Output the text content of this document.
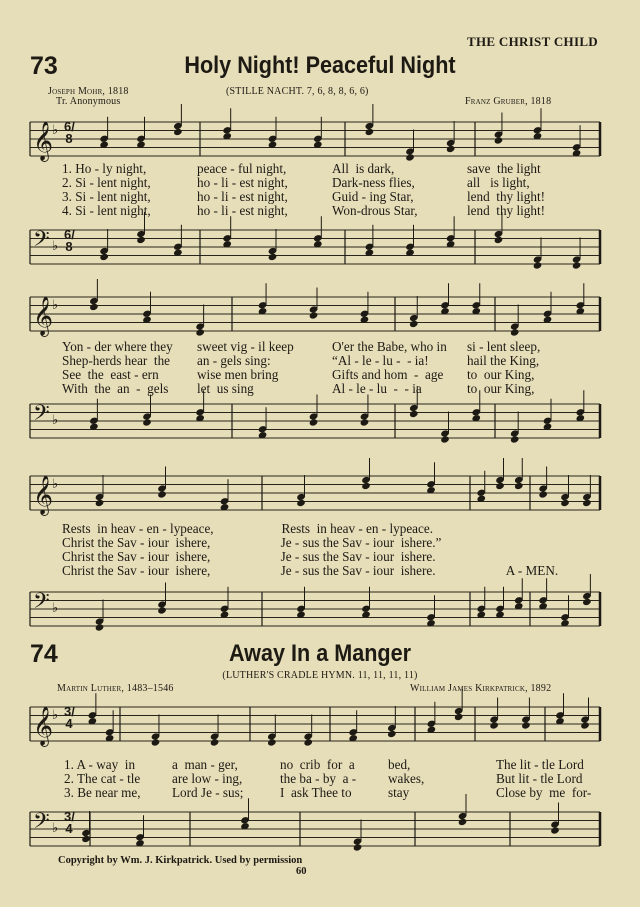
THE CHRIST CHILD
73	Holy Night! Peaceful Night
Joseph Mohr, 1818
Tr. Anonymous
(STILLE NACHT. 7, 6, 8, 8, 6, 6)
Franz Gruber, 1818
1. Ho - ly night,	peace - ful night,	All  is dark,	save  the light
2. Si - lent night,	ho - li - est night,	Dark-ness flies,	all   is light,
3. Si - lent night,	ho - li - est night,	Guid - ing Star,	lend  thy light!
4. Si - lent night,	ho - li - est night,	Won-drous Star,	lend  thy light!
Yon - der where they	sweet vig - il keep	O'er the Babe, who in	si - lent sleep,
Shep-herds hear  the	an - gels sing:	“Al - le - lu -  - ia!	hail the King,
See  the  east - ern	wise men bring	Gifts and hom  -  age	to  our King,
With  the  an  -  gels	let  us sing	Al - le - lu  -  - ia	to  our King,
Rests  in heav - en - ly peace,	Rests  in heav - en - ly peace.
Christ the Sav - iour  is here,	Je - sus the Sav - iour  is here.”
Christ the Sav - iour  is here,	Je - sus the Sav - iour  is here.
Christ the Sav - iour  is here,	Je - sus the Sav - iour  is here.	A - MEN.
74	Away In a Manger
(LUTHER'S CRADLE HYMN. 11, 11, 11, 11)
Martin Luther, 1483–1546	William James Kirkpatrick, 1892
1. A - way  in	a  man - ger,	no  crib  for  a	bed,	The lit - tle Lord
2. The cat - tle	are low - ing,	the ba - by  a -	wakes,	But lit - tle Lord
3. Be near me,	Lord Je - sus;	I  ask Thee to	stay	Close by  me  for-
Copyright by Wm. J. Kirkpatrick. Used by permission
60
𝄞
♭ 6/8
𝄢 ♭
6/8
𝄞
♭
𝄢 ♭
𝄞
♭
𝄢 ♭
𝄞
♭ 3/4
𝄢 ♭
3/4
